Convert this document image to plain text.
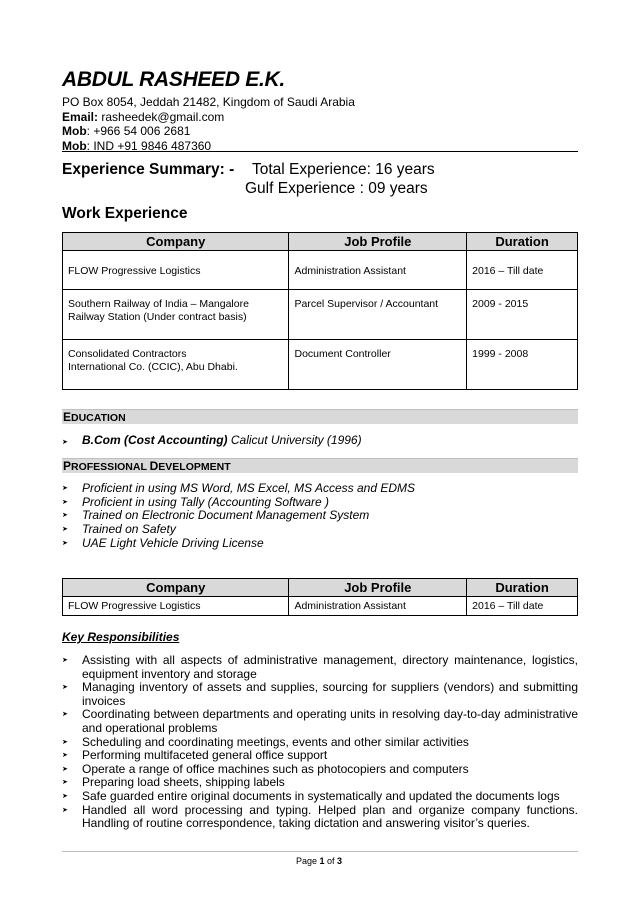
ABDUL RASHEED E.K.
PO Box 8054, Jeddah 21482, Kingdom of Saudi Arabia
Email: rasheedek@gmail.com
Mob: +966 54 006 2681
Mob: IND +91 9846 487360
Experience Summary: - Total Experience: 16 years
Gulf Experience : 09 years
Work Experience
Company	Job Profile	Duration
FLOW Progressive Logistics	Administration Assistant	2016 – Till date

Southern Railway of India – Mangalore
Railway Station (Under contract basis)	Parcel Supervisor / Accountant	2009 - 2015

Consolidated Contractors
International Co. (CCIC), Abu Dhabi.	Document Controller	1999 - 2008
EDUCATION
➤ B.Com (Cost Accounting) Calicut University (1996)
PROFESSIONAL DEVELOPMENT
➤ Proficient in using MS Word, MS Excel, MS Access and EDMS
➤ Proficient in using Tally (Accounting Software )
➤ Trained on Electronic Document Management System
➤ Trained on Safety
➤ UAE Light Vehicle Driving License
Company	Job Profile	Duration
FLOW Progressive Logistics	Administration Assistant	2016 – Till date
Key Responsibilities
➤ Assisting with all aspects of administrative management, directory maintenance, logistics, equipment inventory and storage
➤ Managing inventory of assets and supplies, sourcing for suppliers (vendors) and submitting invoices
➤ Coordinating between departments and operating units in resolving day-to-day administrative and operational problems
➤ Scheduling and coordinating meetings, events and other similar activities
➤ Performing multifaceted general office support
➤ Operate a range of office machines such as photocopiers and computers
➤ Preparing load sheets, shipping labels
➤ Safe guarded entire original documents in systematically and updated the documents logs
➤ Handled all word processing and typing. Helped plan and organize company functions. Handling of routine correspondence, taking dictation and answering visitor’s queries.
Page 1 of 3
